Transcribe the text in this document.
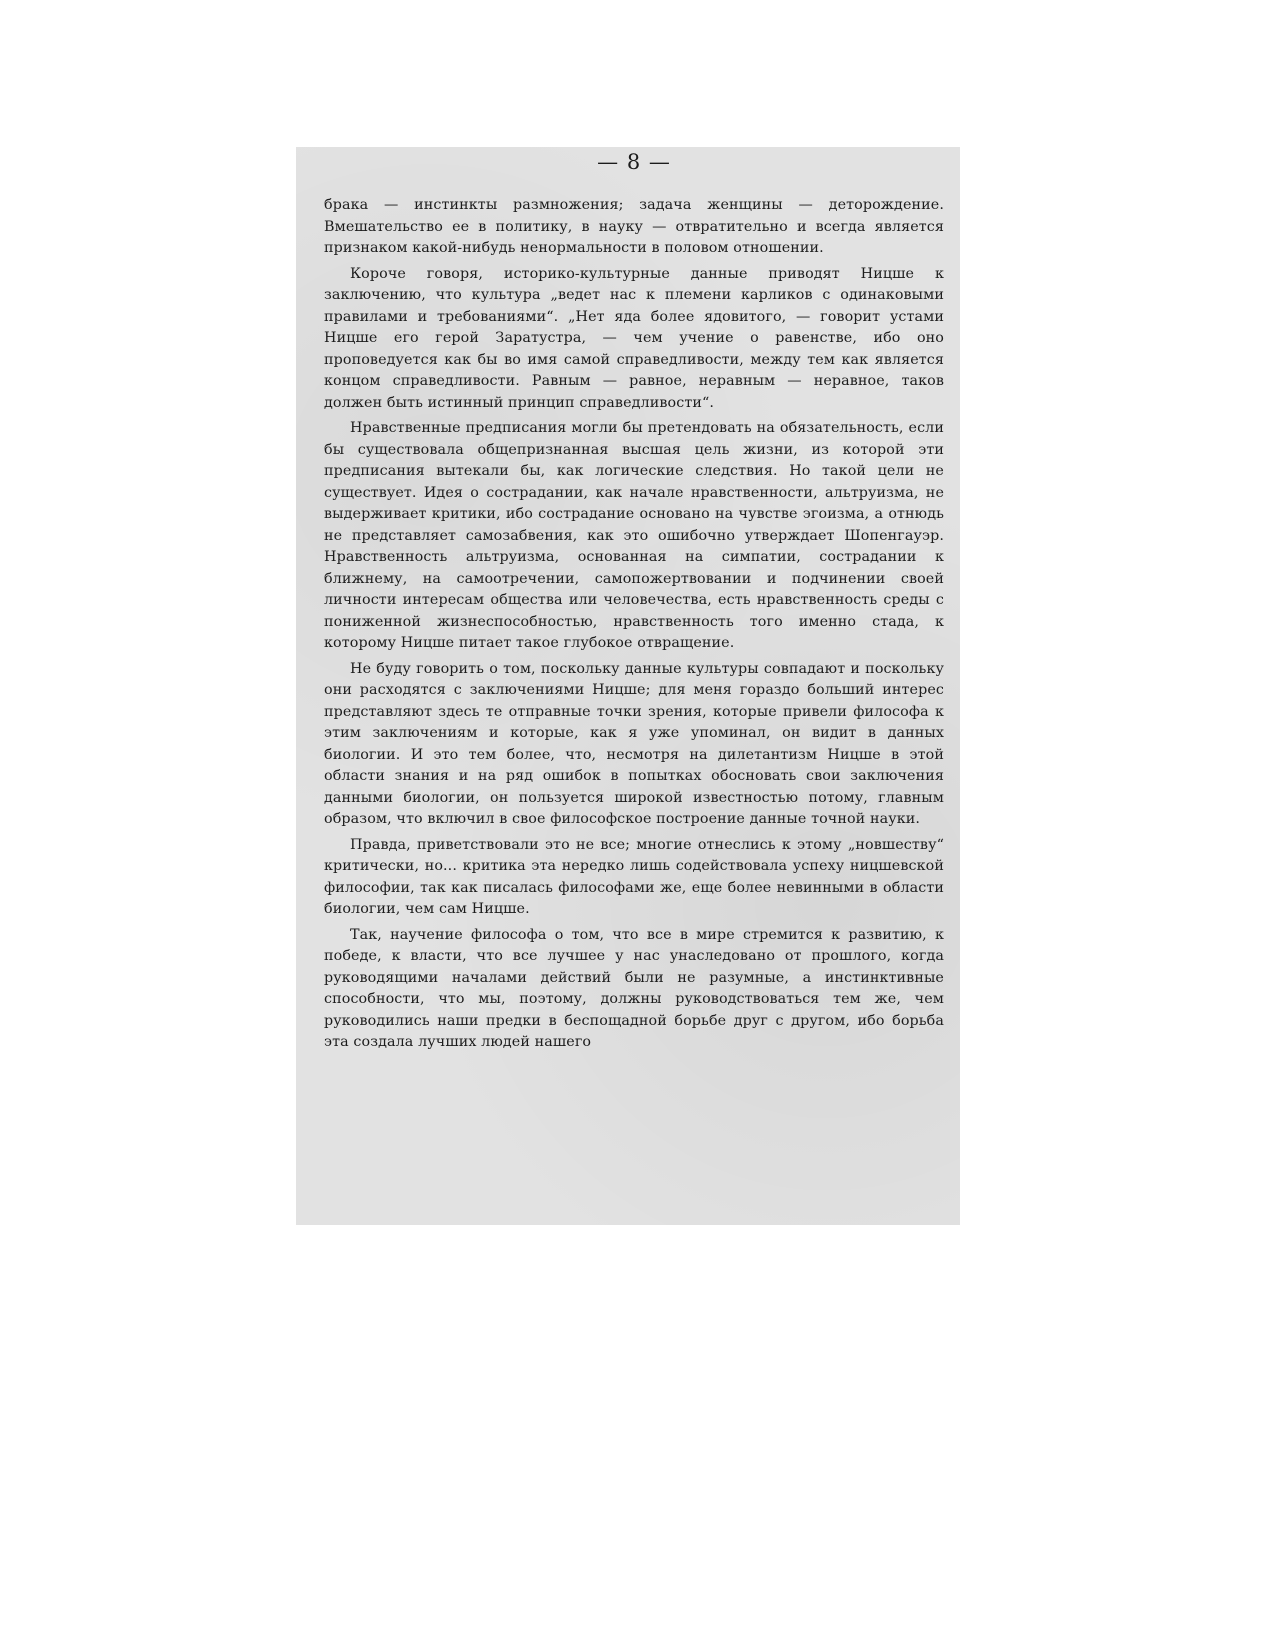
— 8 —

брака — инстинкты размножения; задача женщины — деторождение. Вмешательство ее в политику, в науку — отвратительно и всегда является признаком какой-нибудь ненормальности в половом отношении.

Короче говоря, историко-культурные данные приводят Ницше к заключению, что культура „ведет нас к племени карликов с одинаковыми правилами и требованиями“. „Нет яда более ядовитого, — говорит устами Ницше его герой Заратустра, — чем учение о равенстве, ибо оно проповедуется как бы во имя самой справедливости, между тем как является концом справедливости. Равным — равное, неравным — неравное, таков должен быть истинный принцип справедливости“.

Нравственные предписания могли бы претендовать на обязательность, если бы существовала общепризнанная высшая цель жизни, из которой эти предписания вытекали бы, как логические следствия. Но такой цели не существует. Идея о сострадании, как начале нравственности, альтруизма, не выдерживает критики, ибо сострадание основано на чувстве эгоизма, а отнюдь не представляет самозабвения, как это ошибочно утверждает Шопенгауэр. Нравственность альтруизма, основанная на симпатии, сострадании к ближнему, на самоотречении, самопожертвовании и подчинении своей личности интересам общества или человечества, есть нравственность среды с пониженной жизнеспособностью, нравственность того именно стада, к которому Ницше питает такое глубокое отвращение.

Не буду говорить о том, поскольку данные культуры совпадают и поскольку они расходятся с заключениями Ницше; для меня гораздо больший интерес представляют здесь те отправные точки зрения, которые привели философа к этим заключениям и которые, как я уже упоминал, он видит в данных биологии. И это тем более, что, несмотря на дилетантизм Ницше в этой области знания и на ряд ошибок в попытках обосновать свои заключения данными биологии, он пользуется широкой известностью потому, главным образом, что включил в свое философское построение данные точной науки.

Правда, приветствовали это не все; многие отнеслись к этому „новшеству“ критически, но... критика эта нередко лишь содействовала успеху ницшевской философии, так как писалась философами же, еще более невинными в области биологии, чем сам Ницше.

Так, научение философа о том, что все в мире стремится к развитию, к победе, к власти, что все лучшее у нас унаследовано от прошлого, когда руководящими началами действий были не разумные, а инстинктивные способности, что мы, поэтому, должны руководствоваться тем же, чем руководились наши предки в беспощадной борьбе друг с другом, ибо борьба эта создала лучших людей нашего
